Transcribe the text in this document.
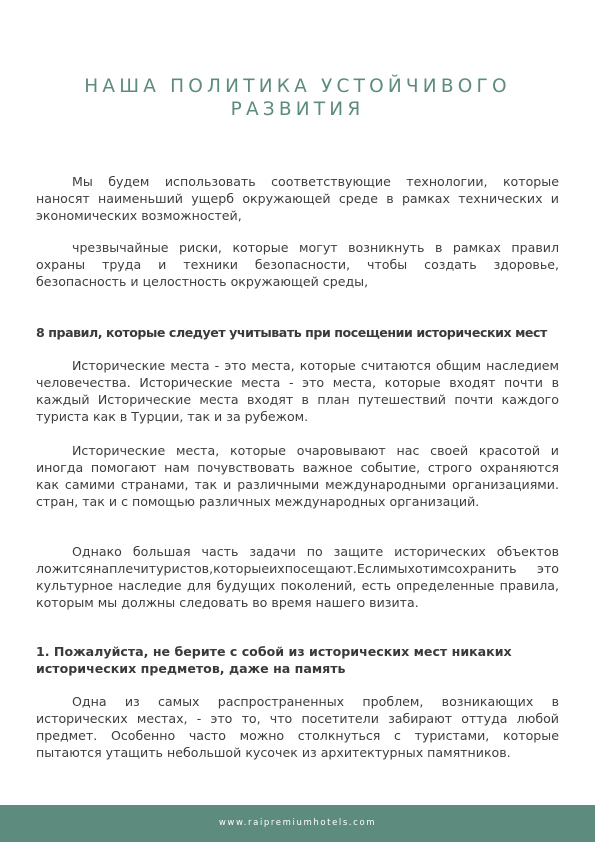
НАША ПОЛИТИКА УСТОЙЧИВОГО
РАЗВИТИЯ

Мы будем использовать соответствующие технологии, которые наносят наименьший ущерб окружающей среде в рамках технических и экономических возможностей,

чрезвычайные риски, которые могут возникнуть в рамках правил охраны труда и техники безопасности, чтобы создать здоровье, безопасность и целостность окружающей среды,

8 правил, которые следует учитывать при посещении исторических мест

Исторические места - это места, которые считаются общим наследием человечества. Исторические места - это места, которые входят почти в каждый Исторические места входят в план путешествий почти каждого туриста как в Турции, так и за рубежом.

Исторические места, которые очаровывают нас своей красотой и иногда помогают нам почувствовать важное событие, строго охраняются как самими странами, так и различными международными организациями. стран, так и с помощью различных международных организаций.

Однако большая часть задачи по защите исторических объектов ложитсянаплечитуристов,которыеихпосещают.Еслимыхотимсохранить это культурное наследие для будущих поколений, есть определенные правила, которым мы должны следовать во время нашего визита.

1. Пожалуйста, не берите с собой из исторических мест никаких исторических предметов, даже на память

Одна из самых распространенных проблем, возникающих в исторических местах, - это то, что посетители забирают оттуда любой предмет. Особенно часто можно столкнуться с туристами, которые пытаются утащить небольшой кусочек из архитектурных памятников.

www.raipremiumhotels.com
